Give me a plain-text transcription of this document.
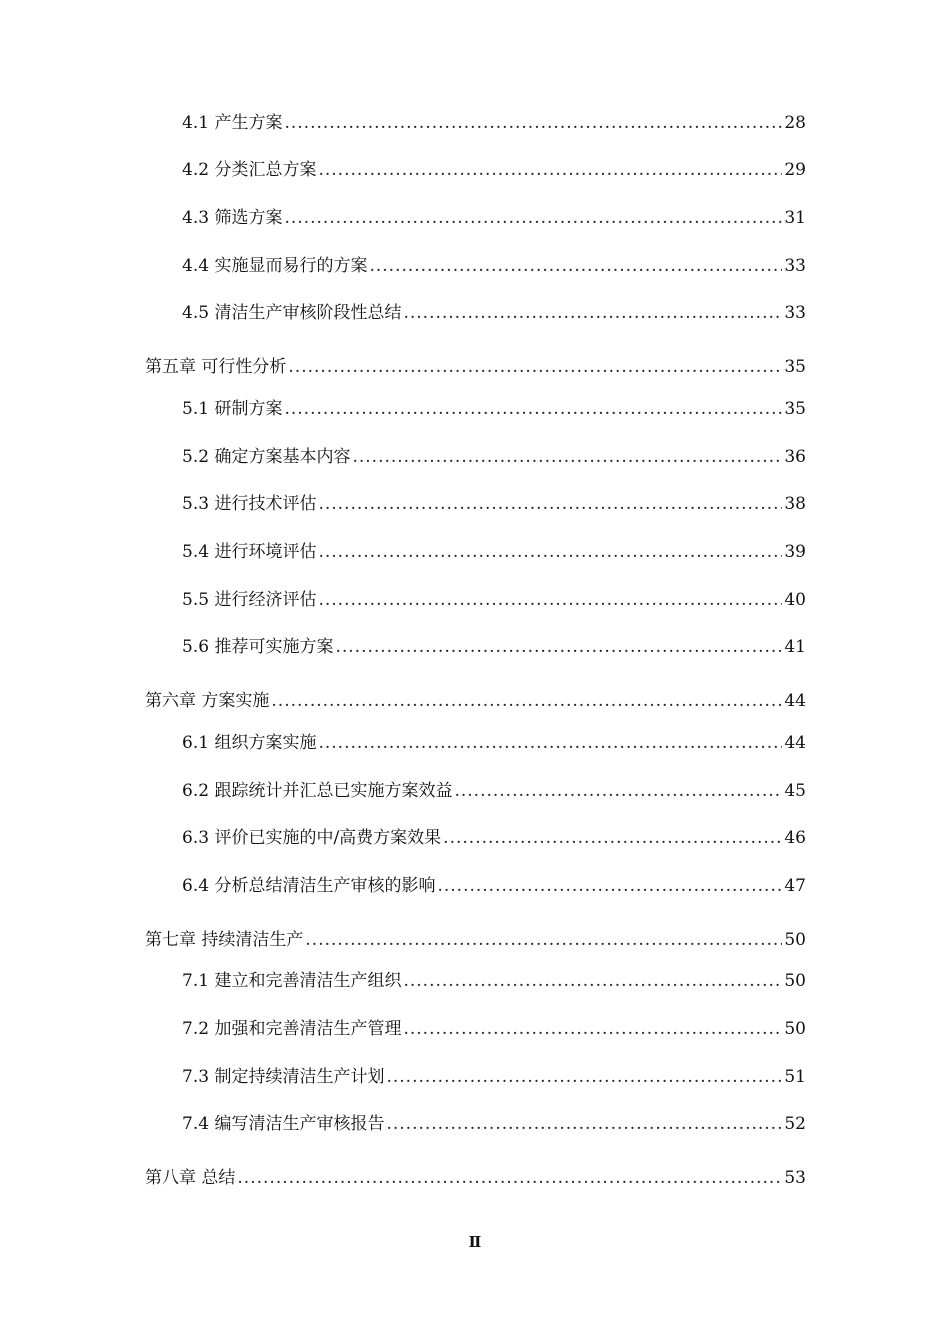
4.1 产生方案 .....	28
4.2 分类汇总方案 .....	29
4.3 筛选方案 .....	31
4.4 实施显而易行的方案 .....	33
4.5 清洁生产审核阶段性总结 .....	33
第五章 可行性分析 .....	35
5.1 研制方案 .....	35
5.2 确定方案基本内容 .....	36
5.3 进行技术评估 .....	38
5.4 进行环境评估 .....	39
5.5 进行经济评估 .....	40
5.6 推荐可实施方案 .....	41
第六章 方案实施 .....	44
6.1 组织方案实施 .....	44
6.2 跟踪统计并汇总已实施方案效益 .....	45
6.3 评价已实施的中/高费方案效果 .....	46
6.4 分析总结清洁生产审核的影响 .....	47
第七章 持续清洁生产 .....	50
7.1 建立和完善清洁生产组织 .....	50
7.2 加强和完善清洁生产管理 .....	50
7.3 制定持续清洁生产计划 .....	51
7.4 编写清洁生产审核报告 .....	52
第八章 总结 .....	53
Ⅱ
